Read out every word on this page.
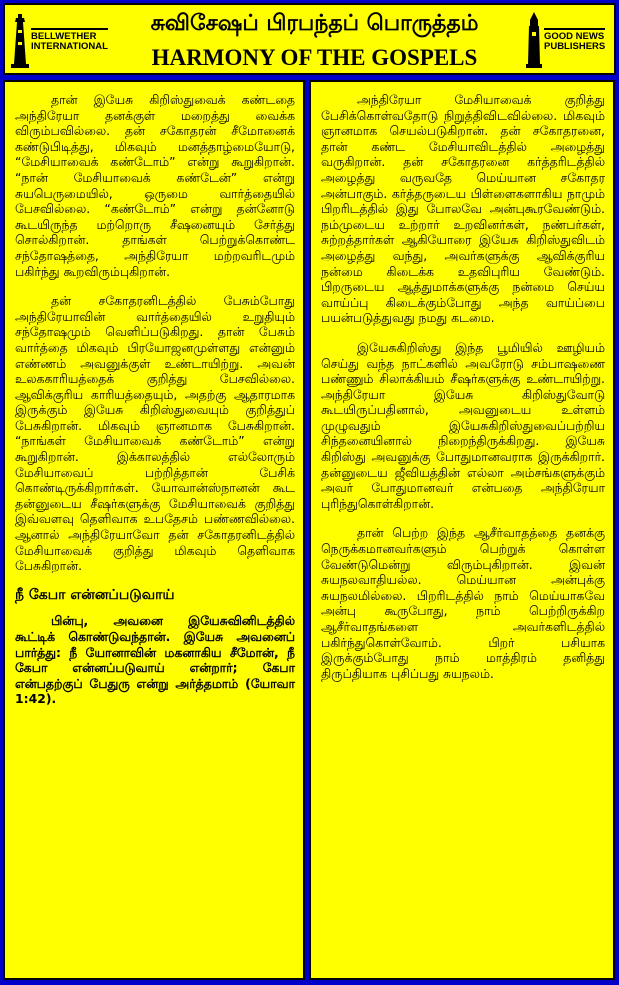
BELLWETHER
INTERNATIONAL
சுவிசேஷப் பிரபந்தப் பொருத்தம்
HARMONY OF THE GOSPELS
GOOD NEWS
PUBLISHERS

தான் இயேசு கிறிஸ்துவைக் கண்டதை அந்திரேயா தனக்குள் மறைத்து வைக்க விரும்பவில்லை. தன் சகோதரன் சீமோனைக் கண்டுபிடித்து, மிகவும் மனத்தாழ்மையோடு, “மேசியாவைக் கண்டோம்” என்று கூறுகிறான். “நான் மேசியாவைக் கண்டேன்” என்று சுயபெருமையில், ஒருமை வார்த்தையில் பேசவில்லை. “கண்டோம்” என்று தன்னோடு கூடயிருந்த மற்றொரு சீஷனையும் சேர்த்து சொல்கிறான். தாங்கள் பெற்றுக்கொண்ட சந்தோஷத்தை, அந்திரேயா மற்றவரிடமும் பகிர்ந்து கூறவிரும்புகிறான்.

தன் சகோதரனிடத்தில் பேசும்போது அந்திரேயாவின் வார்த்தையில் உறுதியும் சந்தோஷமும் வெளிப்படுகிறது. தான் பேசும் வார்த்தை மிகவும் பிரயோஜனமுள்ளது என்னும் எண்ணம் அவனுக்குள் உண்டாயிற்று. அவன் உலககாரியத்தைக் குறித்து பேசவில்லை. ஆவிக்குரிய காரியத்தையும், அதற்கு ஆதாரமாக இருக்கும் இயேசு கிறிஸ்துவையும் குறித்துப் பேசுகிறான். மிகவும் ஞானமாக பேசுகிறான். “நாங்கள் மேசியாவைக் கண்டோம்” என்று கூறுகிறான். இக்காலத்தில் எல்லோரும் மேசியாவைப் பற்றித்தான் பேசிக் கொண்டிருக்கிறார்கள். யோவான்ஸ்நானன் கூட தன்னுடைய சீஷர்களுக்கு மேசியாவைக் குறித்து இவ்வளவு தெளிவாக உபதேசம் பண்ணவில்லை. ஆனால் அந்திரேயாவோ தன் சகோதரனிடத்தில் மேசியாவைக் குறித்து மிகவும் தெளிவாக பேசுகிறான்.

நீ கேபா என்னப்படுவாய்

பின்பு, அவனை இயேசுவினிடத்தில் கூட்டிக் கொண்டுவந்தான். இயேசு அவனைப் பார்த்து: நீ யோனாவின் மகனாகிய சீமோன், நீ கேபா என்னப்படுவாய் என்றார்; கேபா என்பதற்குப் பேதுரு என்று அர்த்தமாம் (யோவா 1:42).

அந்திரேயா மேசியாவைக் குறித்து பேசிக்கொள்வதோடு நிறுத்திவிடவில்லை. மிகவும் ஞானமாக செயல்படுகிறான். தன் சகோதரனை, தான் கண்ட மேசியாவிடத்தில் அழைத்து வருகிறான். தன் சகோதரனை கர்த்தரிடத்தில் அழைத்து வருவதே மெய்யான சகோதர அன்பாகும். கர்த்தருடைய பிள்ளைகளாகிய நாமும் பிறரிடத்தில் இது போலவே அன்புகூரவேண்டும். நம்முடைய உற்றார் உறவினர்கள், நண்பர்கள், சுற்றத்தார்கள் ஆகியோரை இயேசு கிறிஸ்துவிடம் அழைத்து வந்து, அவர்களுக்கு ஆவிக்குரிய நன்மை கிடைக்க உதவிபுரிய வேண்டும். பிறருடைய ஆத்துமாக்களுக்கு நன்மை செய்ய வாய்ப்பு கிடைக்கும்போது அந்த வாய்ப்பை பயன்படுத்துவது நமது கடமை.

இயேசுகிறிஸ்து இந்த பூமியில் ஊழியம் செய்து வந்த நாட்களில் அவரோடு சம்பாஷணை பண்ணும் சிலாக்கியம் சீஷர்களுக்கு உண்டாயிற்று. அந்திரேயா இயேசு கிறிஸ்துவோடு கூடயிருப்பதினால், அவனுடைய உள்ளம் முழுவதும் இயேசுகிறிஸ்துவைப்பற்றிய சிந்தனையினால் நிறைந்திருக்கிறது. இயேசு கிறிஸ்து அவனுக்கு போதுமானவராக இருக்கிறார். தன்னுடைய ஜீவியத்தின் எல்லா அம்சங்களுக்கும் அவர் போதுமானவர் என்பதை அந்திரேயா புரிந்துகொள்கிறான்.

தான் பெற்ற இந்த ஆசீர்வாதத்தை தனக்கு நெருக்கமானவர்களும் பெற்றுக் கொள்ள வேண்டுமென்று விரும்புகிறான். இவன் சுயநலவாதியல்ல. மெய்யான அன்புக்கு சுயநலமில்லை. பிறரிடத்தில் நாம் மெய்யாகவே அன்பு கூருபோது, நாம் பெற்றிருக்கிற ஆசீர்வாதங்களை அவர்களிடத்தில் பகிர்ந்துகொள்வோம். பிறர் பசியாக இருக்கும்போது நாம் மாத்திரம் தனித்து திருப்தியாக புசிப்பது சுயநலம்.
